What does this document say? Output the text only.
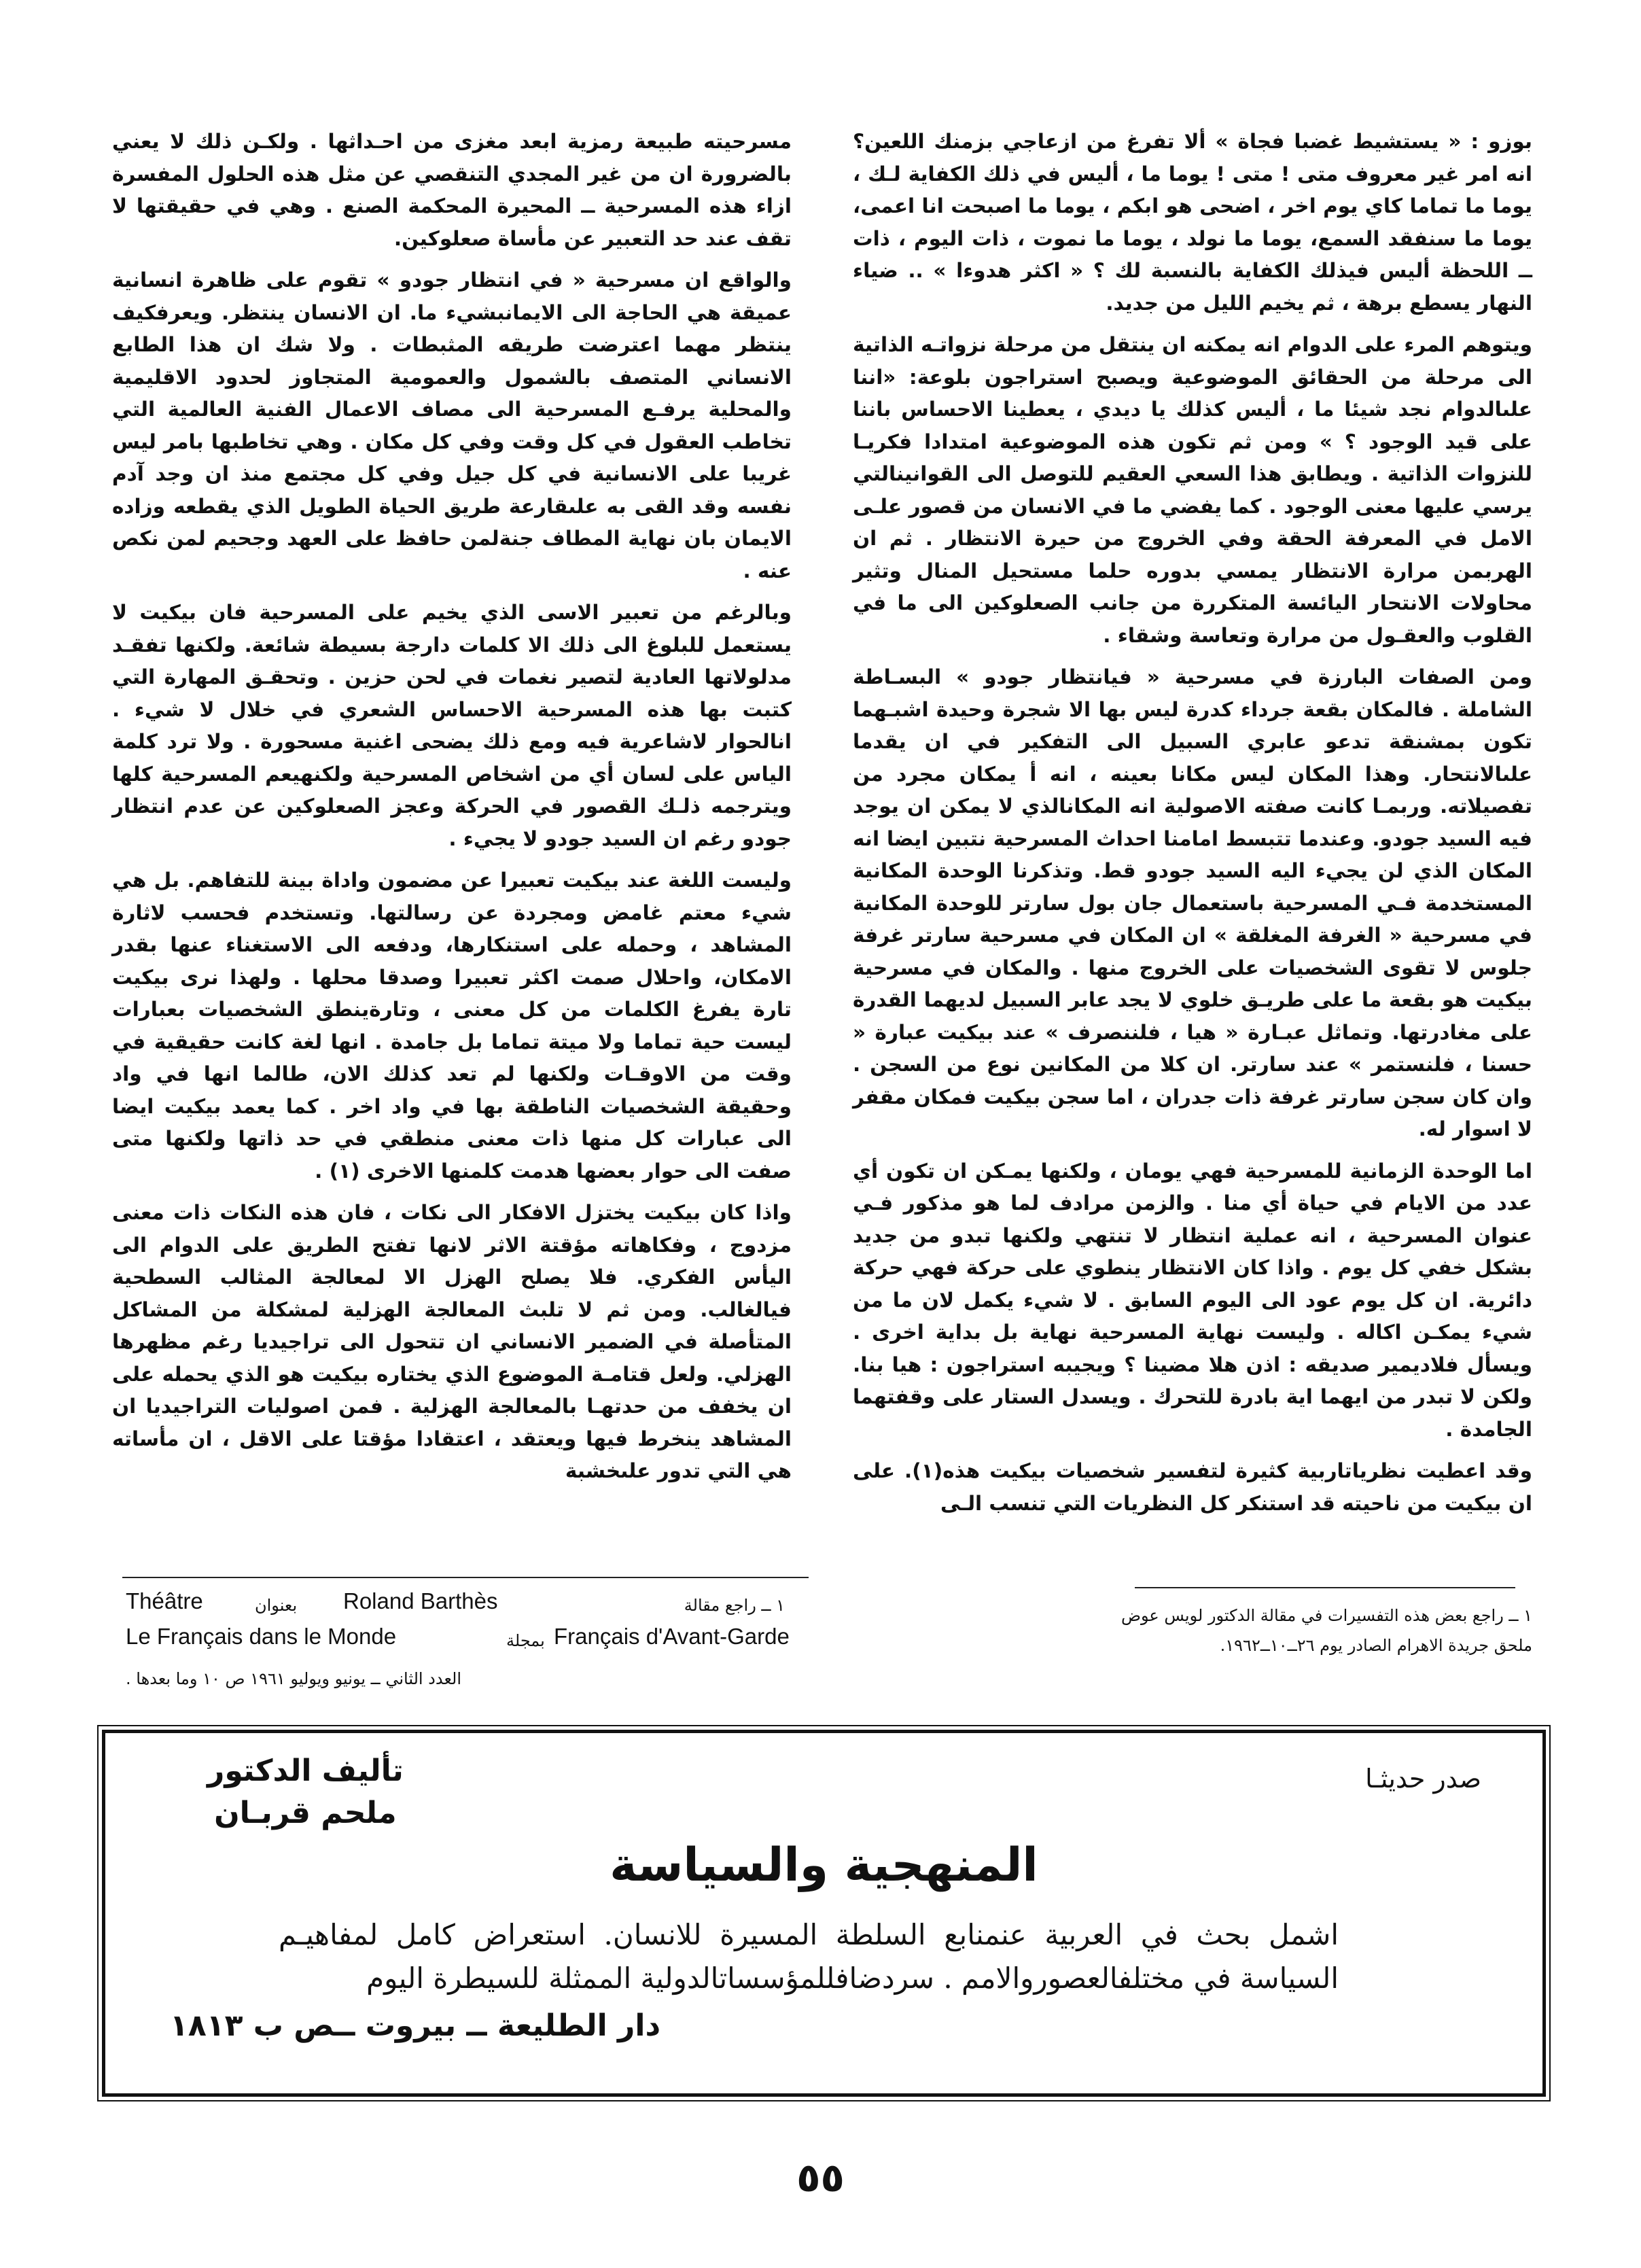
بوزو : « يستشيط غضبا فجاة » ألا تفرغ من ازعاجي بزمنك اللعين؟ انه امر غير معروف متى ! متى ! يوما ما ، أليس في ذلك الكفاية لـك ، يوما ما تماما كاي يوم اخر ، اضحى هو ابكم ، يوما ما اصبحت انا اعمى، يوما ما سنفقد السمع، يوما ما نولد ، يوما ما نموت ، ذات اليوم ، ذات ــ اللحظة أليس فيذلك الكفاية بالنسبة لك ؟ « اكثر هدوءا » .. ضياء النهار يسطع برهة ، ثم يخيم الليل من جديد.

ويتوهم المرء على الدوام انه يمكنه ان ينتقل من مرحلة نزواتـه الذاتية الى مرحلة من الحقائق الموضوعية ويصبح استراجون بلوعة: «اننا علىالدوام نجد شيئا ما ، أليس كذلك يا ديدي ، يعطينا الاحساس باننا على قيد الوجود ؟ » ومن ثم تكون هذه الموضوعية امتدادا فكريـا للنزوات الذاتية . ويطابق هذا السعي العقيم للتوصل الى القوانينالتي يرسي عليها معنى الوجود . كما يفضي ما في الانسان من قصور علـى الامل في المعرفة الحقة وفي الخروج من حيرة الانتظار . ثم ان الهربمن مرارة الانتظار يمسي بدوره حلما مستحيل المنال وتثير محاولات الانتحار اليائسة المتكررة من جانب الصعلوكين الى ما في القلوب والعقـول من مرارة وتعاسة وشقاء .

ومن الصفات البارزة في مسرحية « فيانتظار جودو » البسـاطة الشاملة . فالمكان بقعة جرداء كدرة ليس بها الا شجرة وحيدة اشبـهما تكون بمشنقة تدعو عابري السبيل الى التفكير في ان يقدما علىالانتحار. وهذا المكان ليس مكانا بعينه ، انه أ يمكان مجرد من تفصيلاته. وربمـا كانت صفته الاصولية انه المكانالذي لا يمكن ان يوجد فيه السيد جودو. وعندما تتبسط امامنا احداث المسرحية نتبين ايضا انه المكان الذي لن يجيء اليه السيد جودو قط. وتذكرنا الوحدة المكانية المستخدمة فـي المسرحية باستعمال جان بول سارتر للوحدة المكانية في مسرحية « الغرفة المغلقة » ان المكان في مسرحية سارتر غرفة جلوس لا تقوى الشخصيات على الخروج منها . والمكان في مسرحية بيكيت هو بقعة ما على طريـق خلوي لا يجد عابر السبيل لديهما القدرة على مغادرتها. وتماثل عبـارة « هيا ، فلننصرف » عند بيكيت عبارة « حسنا ، فلنستمر » عند سارتر. ان كلا من المكانين نوع من السجن . وان كان سجن سارتر غرفة ذات جدران ، اما سجن بيكيت فمكان مقفر لا اسوار له.

اما الوحدة الزمانية للمسرحية فهي يومان ، ولكنها يمـكن ان تكون أي عدد من الايام في حياة أي منا . والزمن مرادف لما هو مذكور فـي عنوان المسرحية ، انه عملية انتظار لا تنتهي ولكنها تبدو من جديد بشكل خفي كل يوم . واذا كان الانتظار ينطوي على حركة فهي حركة دائرية. ان كل يوم عود الى اليوم السابق . لا شيء يكمل لان ما من شيء يمكـن اكاله . وليست نهاية المسرحية نهاية بل بداية اخرى . ويسأل فلاديمير صديقه : اذن هلا مضينا ؟ ويجيبه استراجون : هيا بنا. ولكن لا تبدر من ايهما اية بادرة للتحرك . ويسدل الستار على وقفتهما الجامدة .

وقد اعطيت نظرياتاربية كثيرة لتفسير شخصيات بيكيت هذه(١). على ان بيكيت من ناحيته قد استنكر كل النظريات التي تنسب الـى

مسرحيته طبيعة رمزية ابعد مغزى من احـداثها . ولكـن ذلك لا يعني بالضرورة ان من غير المجدي التنقصي عن مثل هذه الحلول المفسرة ازاء هذه المسرحية ــ المحيرة المحكمة الصنع . وهي في حقيقتها لا تقف عند حد التعبير عن مأساة صعلوكين.

والواقع ان مسرحية « في انتظار جودو » تقوم على ظاهرة انسانية عميقة هي الحاجة الى الايمانبشيء ما. ان الانسان ينتظر. ويعرفكيف ينتظر مهما اعترضت طريقه المثبطات . ولا شك ان هذا الطابع الانساني المتصف بالشمول والعمومية المتجاوز لحدود الاقليمية والمحلية يرفـع المسرحية الى مصاف الاعمال الفنية العالمية التي تخاطب العقول في كل وقت وفي كل مكان . وهي تخاطبها بامر ليس غريبا على الانسانية في كل جيل وفي كل مجتمع منذ ان وجد آدم نفسه وقد القى به علىقارعة طريق الحياة الطويل الذي يقطعه وزاده الايمان بان نهاية المطاف جنةلمن حافظ على العهد وجحيم لمن نكص عنه .

وبالرغم من تعبير الاسى الذي يخيم على المسرحية فان بيكيت لا يستعمل للبلوغ الى ذلك الا كلمات دارجة بسيطة شائعة. ولكنها تفقـد مدلولاتها العادية لتصير نغمات في لحن حزين . وتحقـق المهارة التي كتبت بها هذه المسرحية الاحساس الشعري في خلال لا شيء . انالحوار لاشاعرية فيه ومع ذلك يضحى اغنية مسحورة . ولا ترد كلمة الياس على لسان أي من اشخاص المسرحية ولكنهيعم المسرحية كلها ويترجمه ذلـك القصور في الحركة وعجز الصعلوكين عن عدم انتظار جودو رغم ان السيد جودو لا يجيء .

وليست اللغة عند بيكيت تعبيرا عن مضمون واداة بينة للتفاهم. بل هي شيء معتم غامض ومجردة عن رسالتها. وتستخدم فحسب لاثارة المشاهد ، وحمله على استنكارها، ودفعه الى الاستغناء عنها بقدر الامكان، واحلال صمت اكثر تعبيرا وصدقا محلها . ولهذا نرى بيكيت تارة يفرغ الكلمات من كل معنى ، وتارةينطق الشخصيات بعبارات ليست حية تماما ولا ميتة تماما بل جامدة . انها لغة كانت حقيقية في وقت من الاوقـات ولكنها لم تعد كذلك الان، طالما انها في واد وحقيقة الشخصيات الناطقة بها في واد اخر . كما يعمد بيكيت ايضا الى عبارات كل منها ذات معنى منطقي في حد ذاتها ولكنها متى صفت الى حوار بعضها هدمت كلمنها الاخرى (١) .

واذا كان بيكيت يختزل الافكار الى نكات ، فان هذه النكات ذات معنى مزدوج ، وفكاهاته مؤقتة الاثر لانها تفتح الطريق على الدوام الى اليأس الفكري. فلا يصلح الهزل الا لمعالجة المثالب السطحية فيالغالب. ومن ثم لا تلبث المعالجة الهزلية لمشكلة من المشاكل المتأصلة في الضمير الانساني ان تتحول الى تراجيديا رغم مظهرها الهزلي. ولعل قتامـة الموضوع الذي يختاره بيكيت هو الذي يحمله على ان يخفف من حدتهـا بالمعالجة الهزلية . فمن اصوليات التراجيديا ان المشاهد ينخرط فيها ويعتقد ، اعتقادا مؤقتا على الاقل ، ان مأساته هي التي تدور علىخشبة

١ ــ راجع بعض هذه التفسيرات في مقالة الدكتور لويس عوض
ملحق جريدة الاهرام الصادر يوم ٢٦ــ١٠ــ١٩٦٢.
١ ــ راجع مقالة
Roland Barthès
بعنوان
Théâtre
Français d'Avant-Garde
بمجلة
Le Français dans le Monde
العدد الثاني ــ يونيو ويوليو ١٩٦١ ص ١٠ وما بعدها .
صدر حديثـا
تأليف الدكتور
ملحم قربـان
المنهجية والسياسة
اشمل بحث في العربية عنمنابع السلطة المسيرة للانسان. استعراض كامل لمفاهيـم السياسة في مختلفالعصوروالامم . سردضافللمؤسساتالدولية الممثلة للسيطرة اليوم
دار الطليعة ــ بيروت ــص ب ١٨١٣
٥٥
